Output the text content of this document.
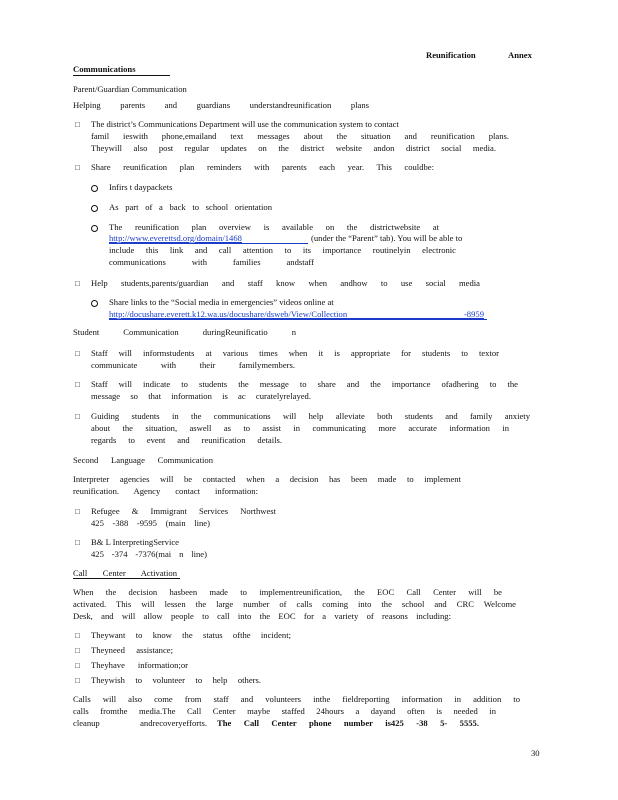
Reunification	Annex
Communications
Parent/Guardian Communication
Helping parents and guardians understandreunification plans
□ The district’s Communications Department will use the communication system to contact
famil ieswith phone,emailand text messages about the situation and reunification plans.
Theywill also post regular updates on the district website andon district social media.
□ Share reunification plan reminders with parents each year. This couldbe:
Infirs t daypackets
As part of a back to school orientation
The reunification plan overview is available on the districtwebsite at
http://www.everettsd.org/domain/1468	(under the “Parent” tab). You will be able to
include this link and call attention to its importance routinelyin electronic
communications with families andstaff
□ Help students,parents/guardian and staff know when andhow to use social media
Share links to the “Social media in emergencies” videos online at
http://docushare.everett.k12.wa.us/docushare/dsweb/View/Collection -8959
Student Communication duringReunificatio n
□ Staff will informstudents at various times when it is appropriate for students to textor
communicate with their familymembers.
□ Staff will indicate to students the message to share and the importance ofadhering to the
message so that information is ac curatelyrelayed.
□ Guiding students in the communications will help alleviate both students and family anxiety
about the situation, aswell as to assist in communicating more accurate information in
regards to event and reunification details.
Second Language Communication
Interpreter agencies will be contacted when a decision has been made to implement
reunification. Agency contact information:
□ Refugee & Immigrant Services Northwest
425 -388 -9595 (main line)
□ B& L InterpretingService
425 -374 -7376(mai n line)
Call Center Activation
When the decision hasbeen made to implementreunification, the EOC Call Center will be
activated. This will lessen the large number of calls coming into the school and CRC Welcome
Desk, and will allow people to call into the EOC for a variety of reasons including:
□ Theywant to know the status ofthe incident;
□ Theyneed assistance;
□ Theyhave information;or
□ Theywish to volunteer to help others.
Calls will also come from staff and volunteers inthe fieldreporting information in addition to
calls fromthe media.The Call Center maybe staffed 24hours a dayand often is needed in
cleanup andrecoveryefforts. The Call Center phone number is425 -38 5- 5555.
30
